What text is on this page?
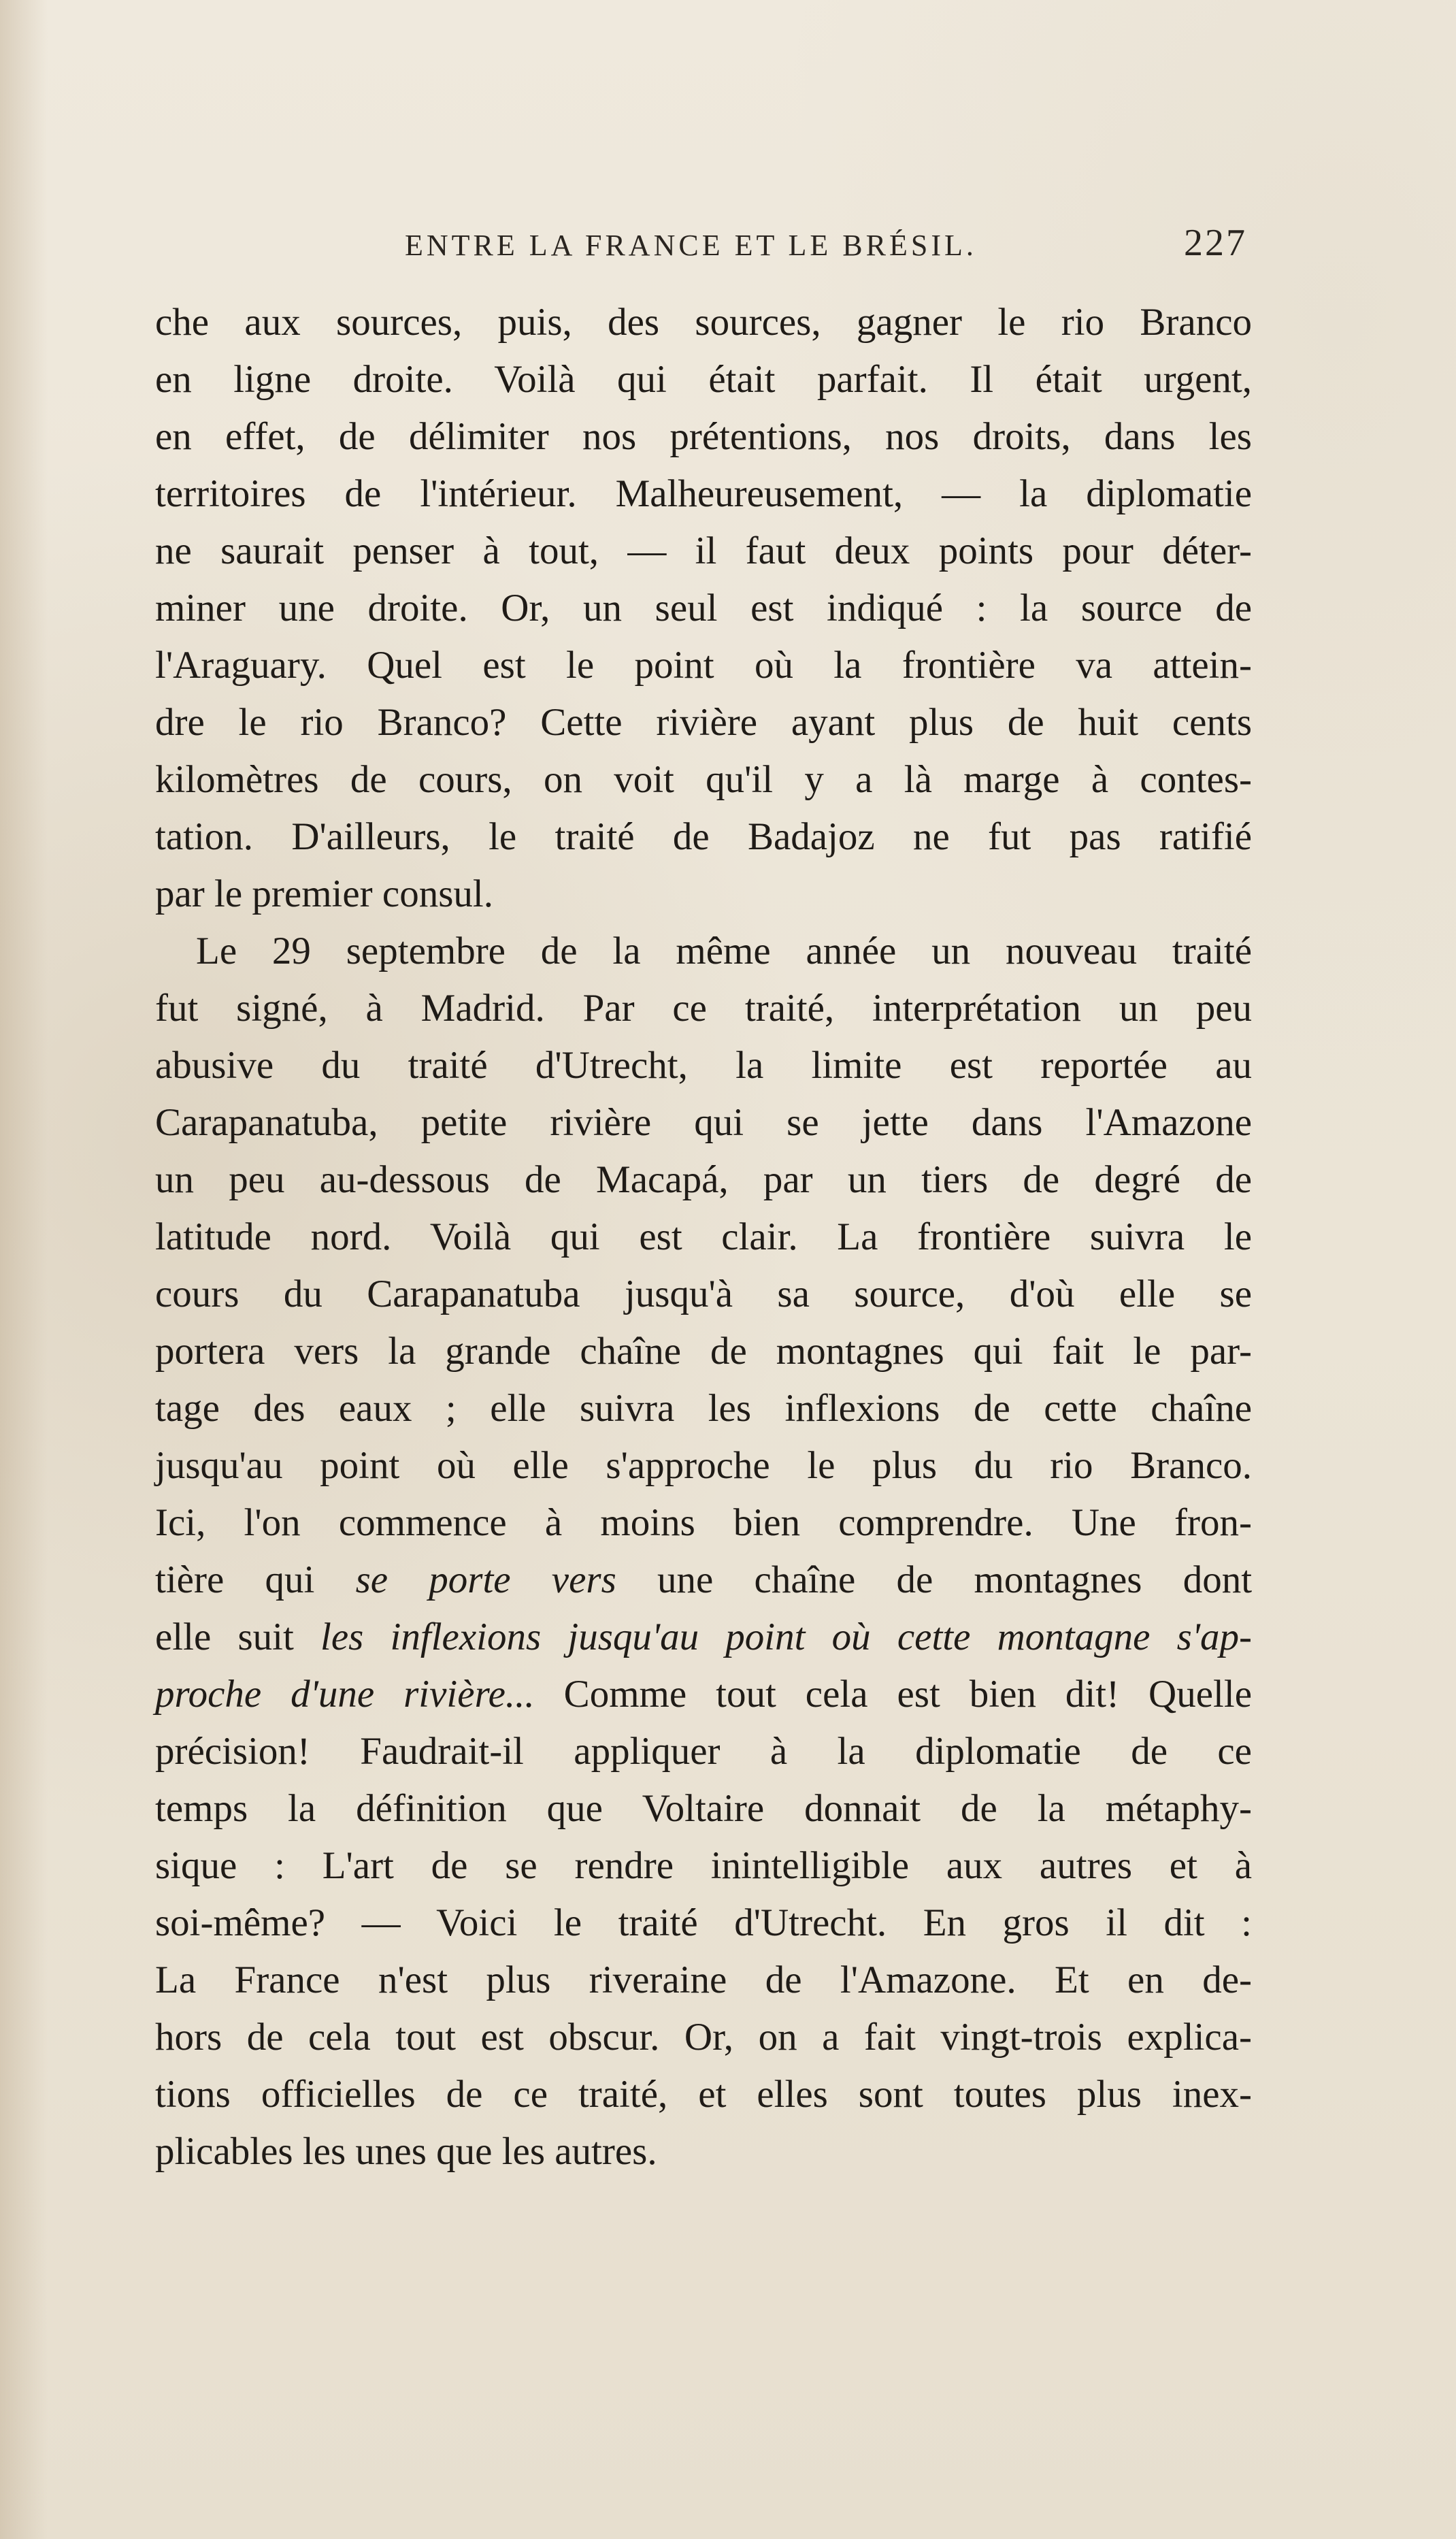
ENTRE LA FRANCE ET LE BRÉSIL.	227
che aux sources, puis, des sources, gagner le rio Branco
en ligne droite. Voilà qui était parfait. Il était urgent,
en effet, de délimiter nos prétentions, nos droits, dans les
territoires de l'intérieur. Malheureusement, — la diplomatie
ne saurait penser à tout, — il faut deux points pour déter-
miner une droite. Or, un seul est indiqué : la source de
l'Araguary. Quel est le point où la frontière va attein-
dre le rio Branco? Cette rivière ayant plus de huit cents
kilomètres de cours, on voit qu'il y a là marge à contes-
tation. D'ailleurs, le traité de Badajoz ne fut pas ratifié
par le premier consul.
Le 29 septembre de la même année un nouveau traité
fut signé, à Madrid. Par ce traité, interprétation un peu
abusive du traité d'Utrecht, la limite est reportée au
Carapanatuba, petite rivière qui se jette dans l'Amazone
un peu au-dessous de Macapá, par un tiers de degré de
latitude nord. Voilà qui est clair. La frontière suivra le
cours du Carapanatuba jusqu'à sa source, d'où elle se
portera vers la grande chaîne de montagnes qui fait le par-
tage des eaux ; elle suivra les inflexions de cette chaîne
jusqu'au point où elle s'approche le plus du rio Branco.
Ici, l'on commence à moins bien comprendre. Une fron-
tière qui se porte vers une chaîne de montagnes dont
elle suit les inflexions jusqu'au point où cette montagne s'ap-
proche d'une rivière... Comme tout cela est bien dit! Quelle
précision! Faudrait-il appliquer à la diplomatie de ce
temps la définition que Voltaire donnait de la métaphy-
sique : L'art de se rendre inintelligible aux autres et à
soi-même? — Voici le traité d'Utrecht. En gros il dit :
La France n'est plus riveraine de l'Amazone. Et en de-
hors de cela tout est obscur. Or, on a fait vingt-trois explica-
tions officielles de ce traité, et elles sont toutes plus inex-
plicables les unes que les autres.
